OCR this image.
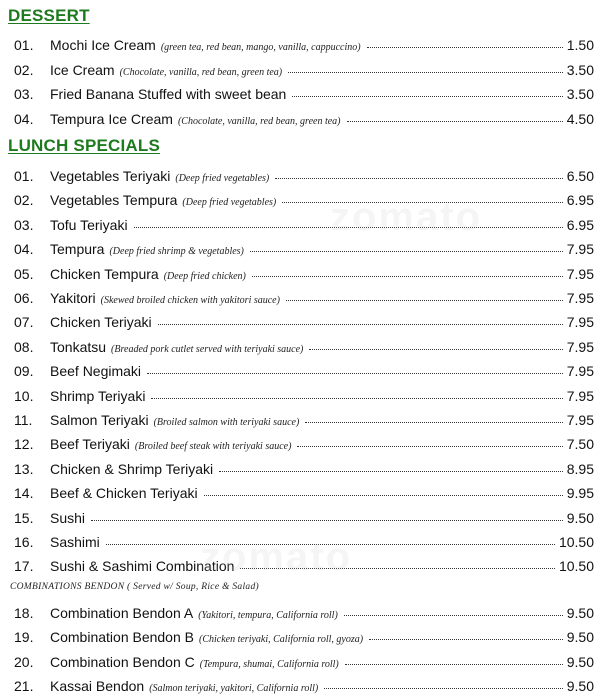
DESSERT
01.	Mochi Ice Cream (green tea, red bean, mango, vanilla, cappuccino)	1.50
02.	Ice Cream (Chocolate, vanilla, red bean, green tea)	3.50
03.	Fried Banana Stuffed with sweet bean	3.50
04.	Tempura Ice Cream (Chocolate, vanilla, red bean, green tea)	4.50
LUNCH SPECIALS
01.	Vegetables Teriyaki (Deep fried vegetables)	6.50
02.	Vegetables Tempura (Deep fried vegetables)	6.95
03.	Tofu Teriyaki	6.95
04.	Tempura (Deep fried shrimp & vegetables)	7.95
05.	Chicken Tempura (Deep fried chicken)	7.95
06.	Yakitori (Skewed broiled chicken with yakitori sauce)	7.95
07.	Chicken Teriyaki	7.95
08.	Tonkatsu (Breaded pork cutlet served with teriyaki sauce)	7.95
09.	Beef Negimaki	7.95
10.	Shrimp Teriyaki	7.95
11.	Salmon Teriyaki (Broiled salmon with teriyaki sauce)	7.95
12.	Beef Teriyaki (Broiled beef steak with teriyaki sauce)	7.50
13.	Chicken & Shrimp Teriyaki	8.95
14.	Beef & Chicken Teriyaki	9.95
15.	Sushi	9.50
16.	Sashimi	10.50
17.	Sushi & Sashimi Combination	10.50
COMBINATIONS BENDON ( Served w/ Soup, Rice & Salad)
18.	Combination Bendon A (Yakitori, tempura, California roll)	9.50
19.	Combination Bendon B (Chicken teriyaki, California roll, gyoza)	9.50
20.	Combination Bendon C (Tempura, shumai, California roll)	9.50
21.	Kassai Bendon (Salmon teriyaki, yakitori, California roll)	9.50
zomato
zomato
